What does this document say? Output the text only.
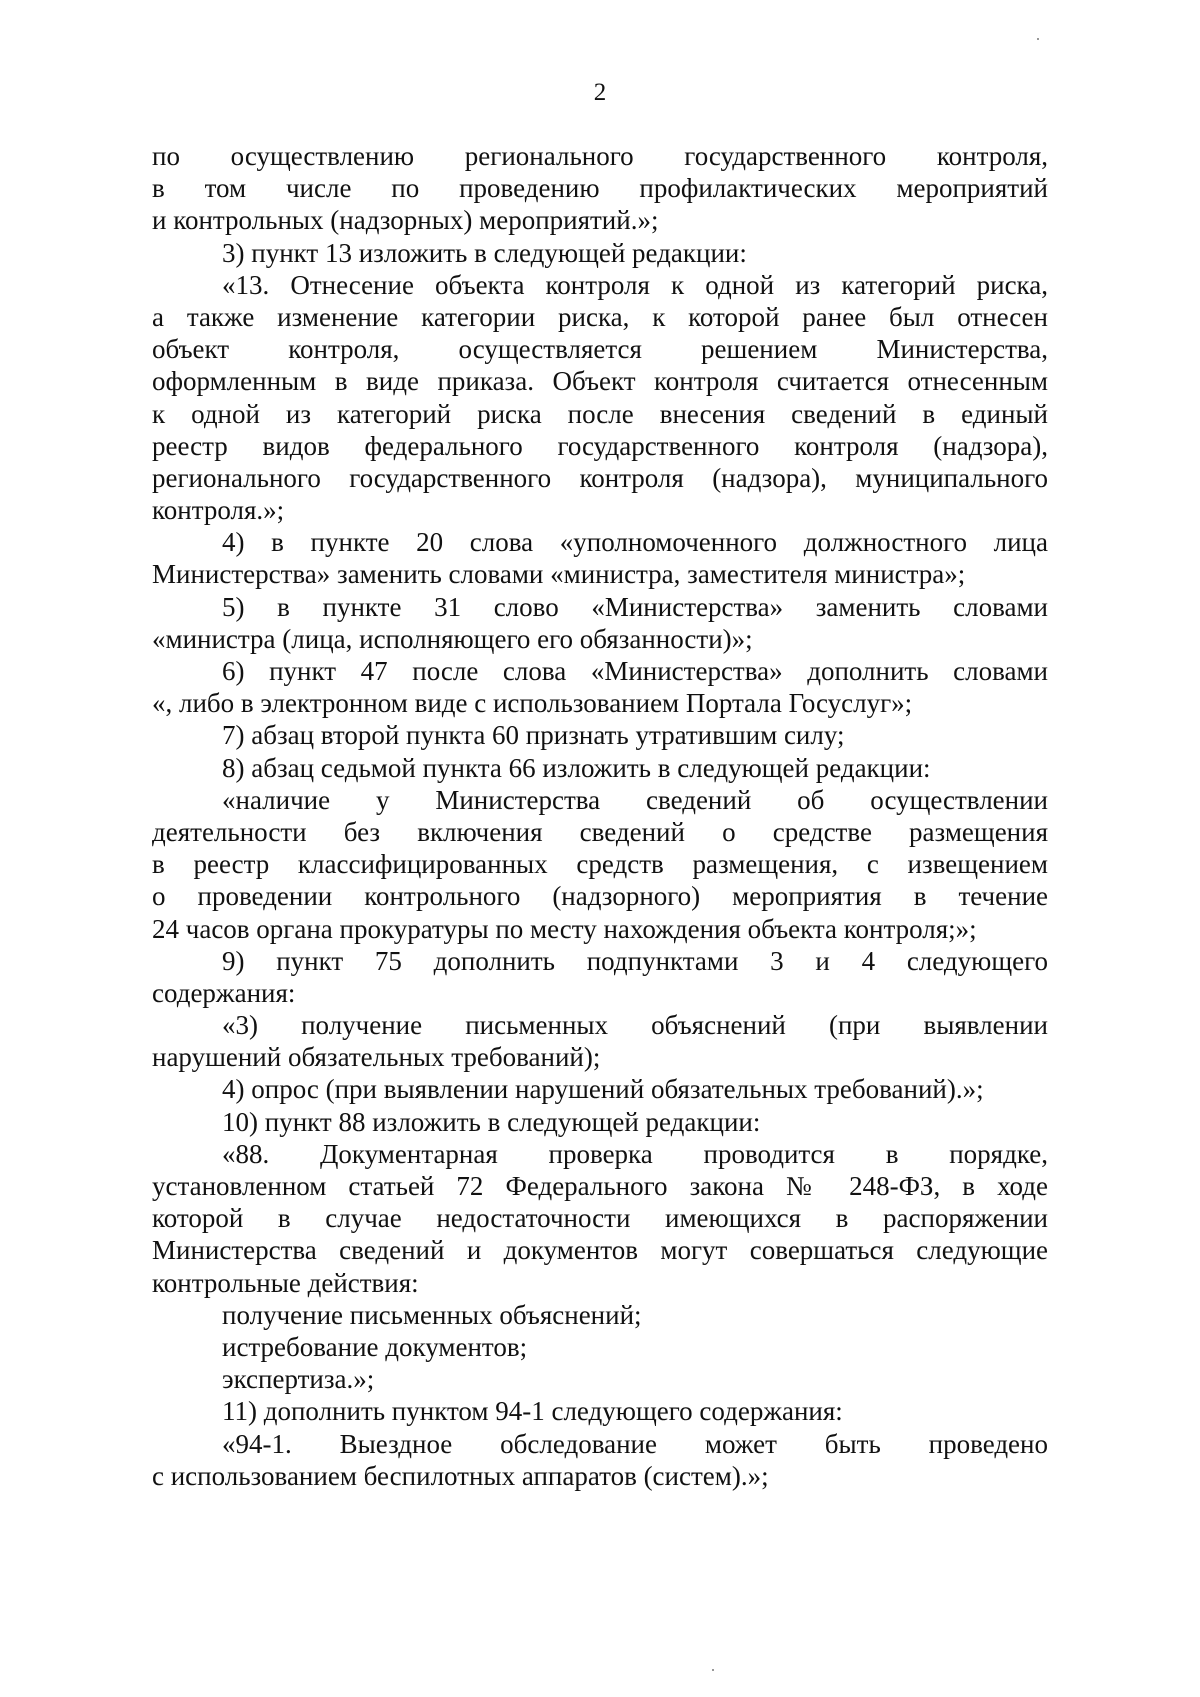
2
по осуществлению регионального государственного контроля,
в том числе по проведению профилактических мероприятий
и контрольных (надзорных) мероприятий.»;
3) пункт 13 изложить в следующей редакции:
«13. Отнесение объекта контроля к одной из категорий риска,
а также изменение категории риска, к которой ранее был отнесен
объект контроля, осуществляется решением Министерства,
оформленным в виде приказа. Объект контроля считается отнесенным
к одной из категорий риска после внесения сведений в единый
реестр видов федерального государственного контроля (надзора),
регионального государственного контроля (надзора), муниципального
контроля.»;
4) в пункте 20 слова «уполномоченного должностного лица
Министерства» заменить словами «министра, заместителя министра»;
5) в пункте 31 слово «Министерства» заменить словами
«министра (лица, исполняющего его обязанности)»;
6) пункт 47 после слова «Министерства» дополнить словами
«, либо в электронном виде с использованием Портала Госуслуг»;
7) абзац второй пункта 60 признать утратившим силу;
8) абзац седьмой пункта 66 изложить в следующей редакции:
«наличие у Министерства сведений об осуществлении
деятельности без включения сведений о средстве размещения
в реестр классифицированных средств размещения, с извещением
о проведении контрольного (надзорного) мероприятия в течение
24 часов органа прокуратуры по месту нахождения объекта контроля;»;
9) пункт 75 дополнить подпунктами 3 и 4 следующего
содержания:
«3) получение письменных объяснений (при выявлении
нарушений обязательных требований);
4) опрос (при выявлении нарушений обязательных требований).»;
10) пункт 88 изложить в следующей редакции:
«88. Документарная проверка проводится в порядке,
установленном статьей 72 Федерального закона № 248-ФЗ, в ходе
которой в случае недостаточности имеющихся в распоряжении
Министерства сведений и документов могут совершаться следующие
контрольные действия:
получение письменных объяснений;
истребование документов;
экспертиза.»;
11) дополнить пунктом 94-1 следующего содержания:
«94-1. Выездное обследование может быть проведено
с использованием беспилотных аппаратов (систем).»;
